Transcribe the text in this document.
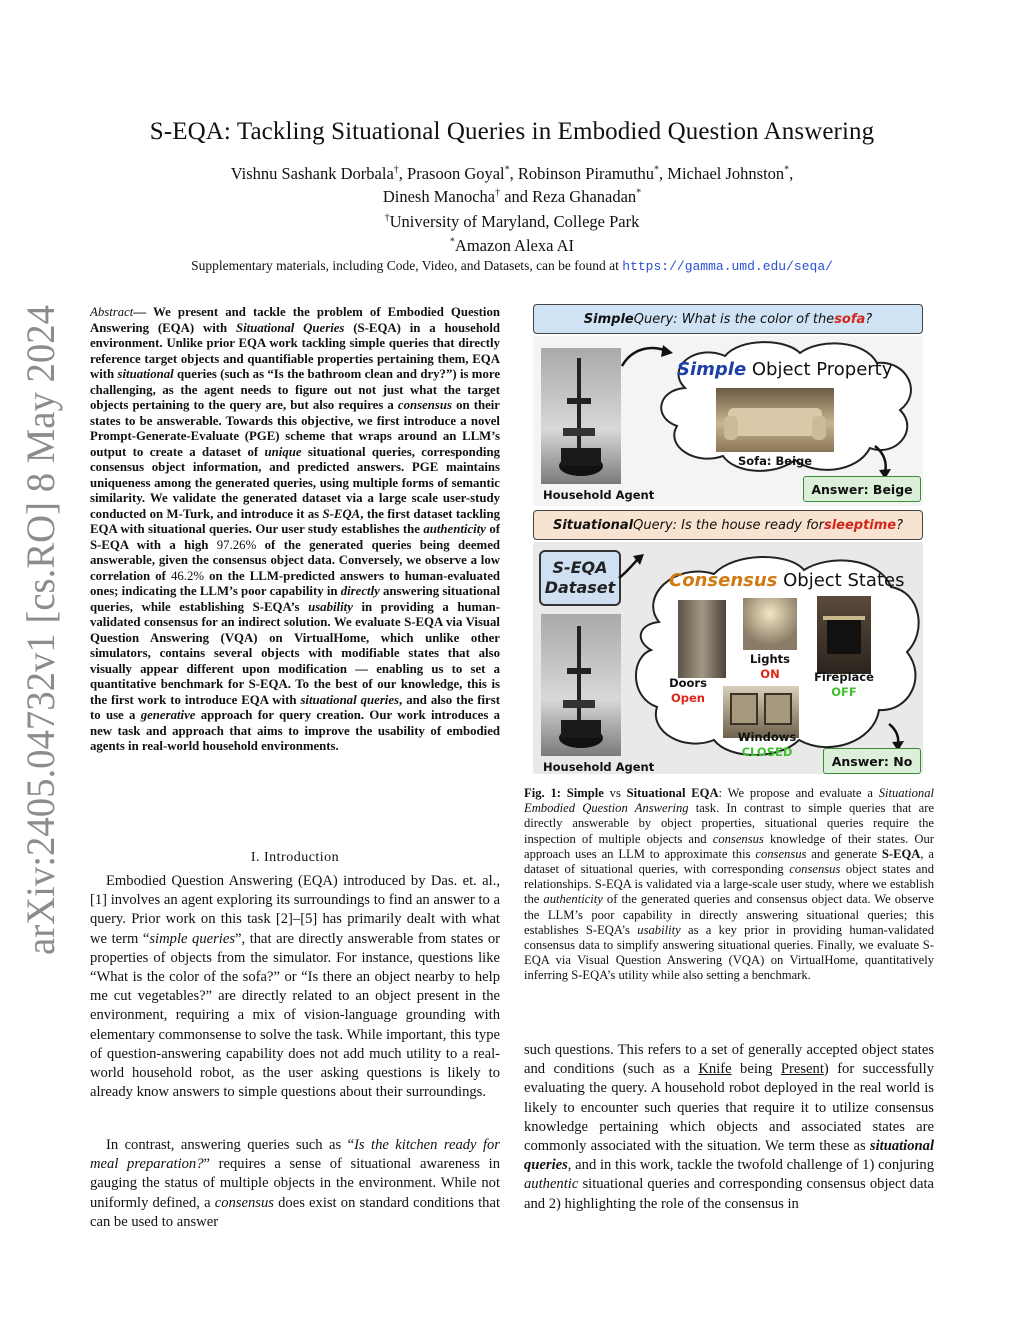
arXiv:2405.04732v1 [cs.RO] 8 May 2024
S-EQA: Tackling Situational Queries in Embodied Question Answering
Vishnu Sashank Dorbala†, Prasoon Goyal*, Robinson Piramuthu*, Michael Johnston*,
Dinesh Manocha† and Reza Ghanadan*
†University of Maryland, College Park
*Amazon Alexa AI
Supplementary materials, including Code, Video, and Datasets, can be found at https://gamma.umd.edu/seqa/
Abstract— We present and tackle the problem of Embodied Question Answering (EQA) with Situational Queries (S-EQA) in a household environment. Unlike prior EQA work tackling simple queries that directly reference target objects and quantifiable properties pertaining them, EQA with situational queries (such as “Is the bathroom clean and dry?”) is more challenging, as the agent needs to figure out not just what the target objects pertaining to the query are, but also requires a consensus on their states to be answerable. Towards this objective, we first introduce a novel Prompt-Generate-Evaluate (PGE) scheme that wraps around an LLM’s output to create a dataset of unique situational queries, corresponding consensus object information, and predicted answers. PGE maintains uniqueness among the generated queries, using multiple forms of semantic similarity. We validate the generated dataset via a large scale user-study conducted on M-Turk, and introduce it as S-EQA, the first dataset tackling EQA with situational queries. Our user study establishes the authenticity of S-EQA with a high 97.26% of the generated queries being deemed answerable, given the consensus object data. Conversely, we observe a low correlation of 46.2% on the LLM-predicted answers to human-evaluated ones; indicating the LLM’s poor capability in directly answering situational queries, while establishing S-EQA’s usability in providing a human-validated consensus for an indirect solution. We evaluate S-EQA via Visual Question Answering (VQA) on VirtualHome, which unlike other simulators, contains several objects with modifiable states that also visually appear different upon modification — enabling us to set a quantitative benchmark for S-EQA. To the best of our knowledge, this is the first work to introduce EQA with situational queries, and also the first to use a generative approach for query creation. Our work introduces a new task and approach that aims to improve the usability of embodied agents in real-world household environments.
I. Introduction
Embodied Question Answering (EQA) introduced by Das. et. al., [1] involves an agent exploring its surroundings to find an answer to a query. Prior work on this task [2]–[5] has primarily dealt with what we term “simple queries”, that are directly answerable from states or properties of objects from the simulator. For instance, questions like “What is the color of the sofa?” or “Is there an object nearby to help me cut vegetables?” are directly related to an object present in the environment, requiring a mix of vision-language grounding with elementary commonsense to solve the task. While important, this type of question-answering capability does not add much utility to a real-world household robot, as the user asking questions is likely to already know answers to simple questions about their surroundings.
In contrast, answering queries such as “Is the kitchen ready for meal preparation?” requires a sense of situational awareness in gauging the status of multiple objects in the environment. While not uniformly defined, a consensus does exist on standard conditions that can be used to answer
Simple Query: What is the color of the sofa ?
Household Agent
Simple Object Property
Sofa: Beige
Answer: Beige
Situational Query: Is the house ready for sleeptime ?
S-EQA Dataset
Household Agent
Consensus Object States
Lights
ON	Fireplace
OFF
Doors
Open
Windows
CLOSED
Answer: No
Fig. 1: Simple vs Situational EQA: We propose and evaluate a Situational Embodied Question Answering task. In contrast to simple queries that are directly answerable by object properties, situational queries require the inspection of multiple objects and consensus knowledge of their states. Our approach uses an LLM to approximate this consensus and generate S-EQA, a dataset of situational queries, with corresponding consensus object states and relationships. S-EQA is validated via a large-scale user study, where we establish the authenticity of the generated queries and consensus object data. We observe the LLM’s poor capability in directly answering situational queries; this establishes S-EQA’s usability as a key prior in providing human-validated consensus data to simplify answering situational queries. Finally, we evaluate S-EQA via Visual Question Answering (VQA) on VirtualHome, quantitatively inferring S-EQA’s utility while also setting a benchmark.
such questions. This refers to a set of generally accepted object states and conditions (such as a Knife being Present) for successfully evaluating the query. A household robot deployed in the real world is likely to encounter such queries that require it to utilize consensus knowledge pertaining which objects and associated states are commonly associated with the situation. We term these as situational queries, and in this work, tackle the twofold challenge of 1) conjuring authentic situational queries and corresponding consensus object data and 2) highlighting the role of the consensus in
